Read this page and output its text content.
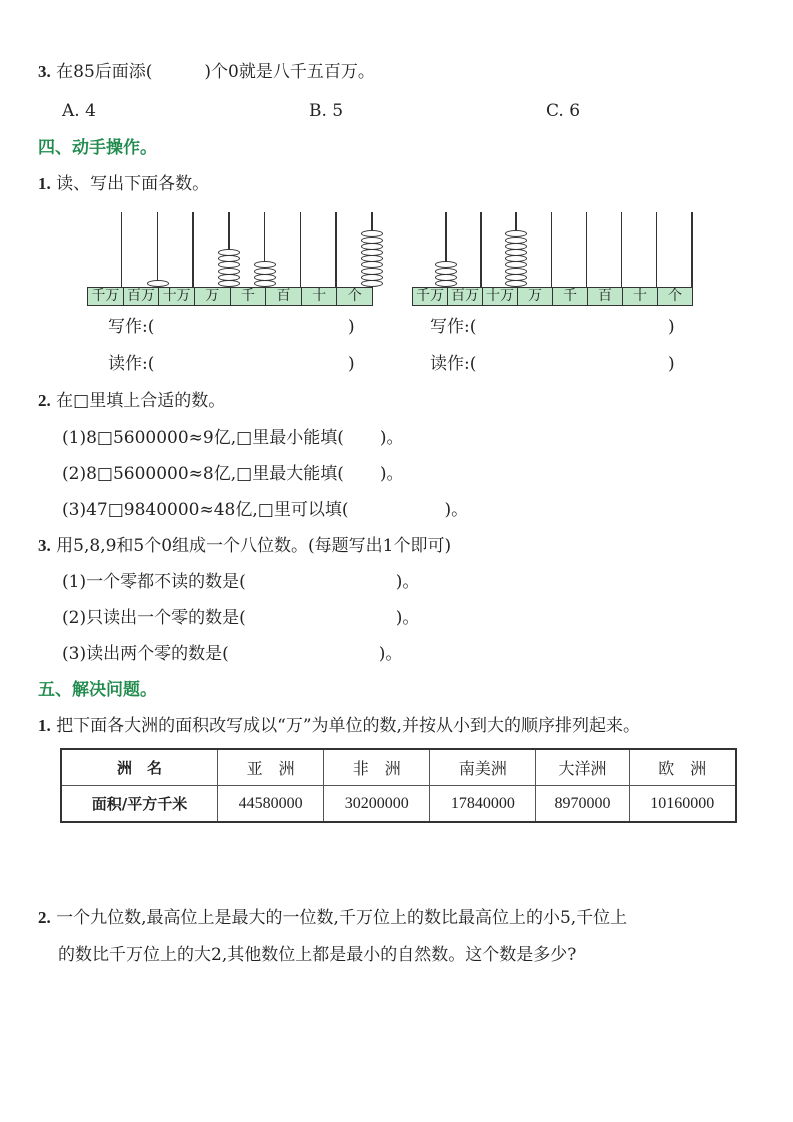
3. 在85后面添(	)个0就是八千五百万。
A. 4	B. 5	C. 6
四、动手操作。
1. 读、写出下面各数。
千万 百万 十万	万	千	百	十	个	千万 百万 十万	万	千	百	十	个
写作:(	)
读作:(	)
写作:(	)
读作:(	)
2. 在□里填上合适的数。
(1)8□5600000≈9亿,□里最小能填( )。
(2)8□5600000≈8亿,□里最大能填( )。
(3)47□9840000≈48亿,□里可以填(	)。
3. 用5,8,9和5个0组成一个八位数。(每题写出1个即可)
(1)一个零都不读的数是(	)。
(2)只读出一个零的数是(	)。
(3)读出两个零的数是(	)。
五、解决问题。
1. 把下面各大洲的面积改写成以“万”为单位的数,并按从小到大的顺序排列起来。
洲　名	亚　洲	非　洲	南美洲	大洋洲	欧　洲
面积/平方千米	44580000	30200000	17840000	8970000	10160000
2. 一个九位数,最高位上是最大的一位数,千万位上的数比最高位上的小5,千位上
的数比千万位上的大2,其他数位上都是最小的自然数。这个数是多少?
